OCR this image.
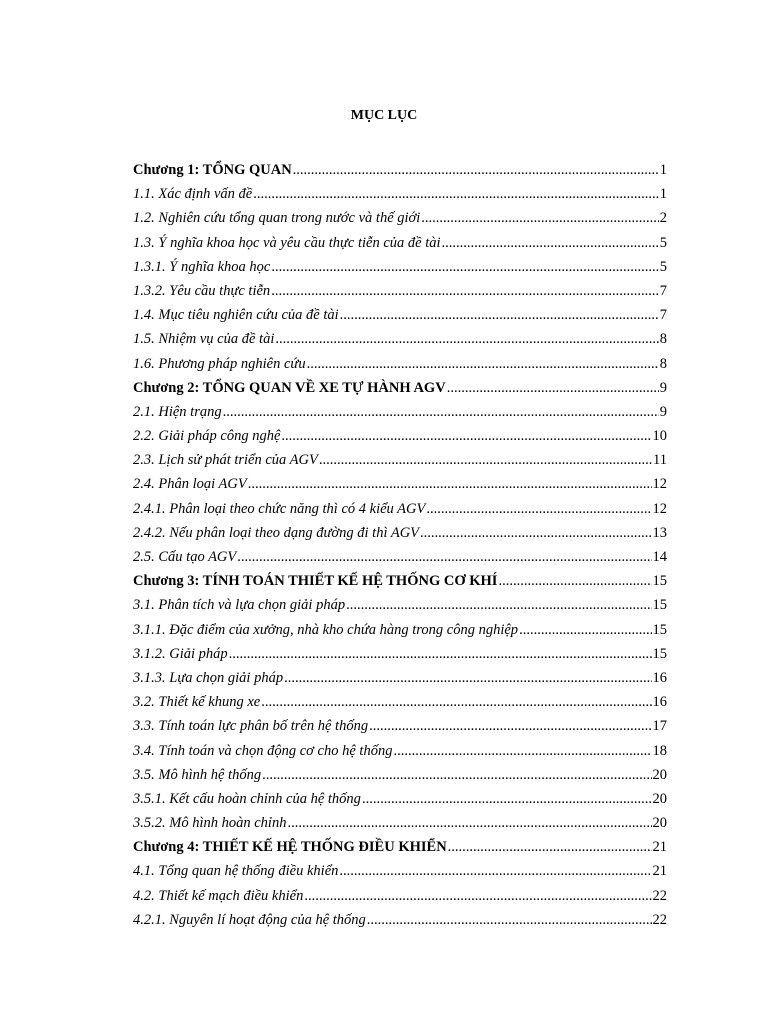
MỤC LỤC
Chương 1: TỔNG QUAN .....	1
1.1. Xác định vấn đề .....	1
1.2. Nghiên cứu tổng quan trong nước và thế giới .....	2
1.3. Ý nghĩa khoa học và yêu cầu thực tiễn của đề tài .....	5
1.3.1. Ý nghĩa khoa học .....	5
1.3.2. Yêu cầu thực tiễn .....	7
1.4. Mục tiêu nghiên cứu của đề tài .....	7
1.5. Nhiệm vụ của đề tài .....	8
1.6. Phương pháp nghiên cứu .....	8
Chương 2: TỔNG QUAN VỀ XE TỰ HÀNH AGV .....	9
2.1. Hiện trạng .....	9
2.2. Giải pháp công nghệ .....	10
2.3. Lịch sử phát triển của AGV .....	11
2.4. Phân loại AGV .....	12
2.4.1. Phân loại theo chức năng thì có 4 kiểu AGV .....	12
2.4.2. Nếu phân loại theo dạng đường đi thì AGV .....	13
2.5. Cấu tạo AGV .....	14
Chương 3: TÍNH TOÁN THIẾT KẾ HỆ THỐNG CƠ KHÍ .....	15
3.1. Phân tích và lựa chọn giải pháp .....	15
3.1.1. Đặc điểm của xưởng, nhà kho chứa hàng trong công nghiệp .....	15
3.1.2. Giải pháp .....	15
3.1.3. Lựa chọn giải pháp .....	16
3.2. Thiết kế khung xe .....	16
3.3. Tính toán lực phân bố trên hệ thống .....	17
3.4. Tính toán và chọn động cơ cho hệ thống .....	18
3.5. Mô hình hệ thống .....	20
3.5.1. Kết cấu hoàn chỉnh của hệ thống .....	20
3.5.2. Mô hình hoàn chỉnh .....	20
Chương 4: THIẾT KẾ HỆ THỐNG ĐIỀU KHIỂN .....	21
4.1. Tổng quan hệ thống điều khiển .....	21
4.2. Thiết kế mạch điều khiển .....	22
4.2.1. Nguyên lí hoạt động của hệ thống .....	22
